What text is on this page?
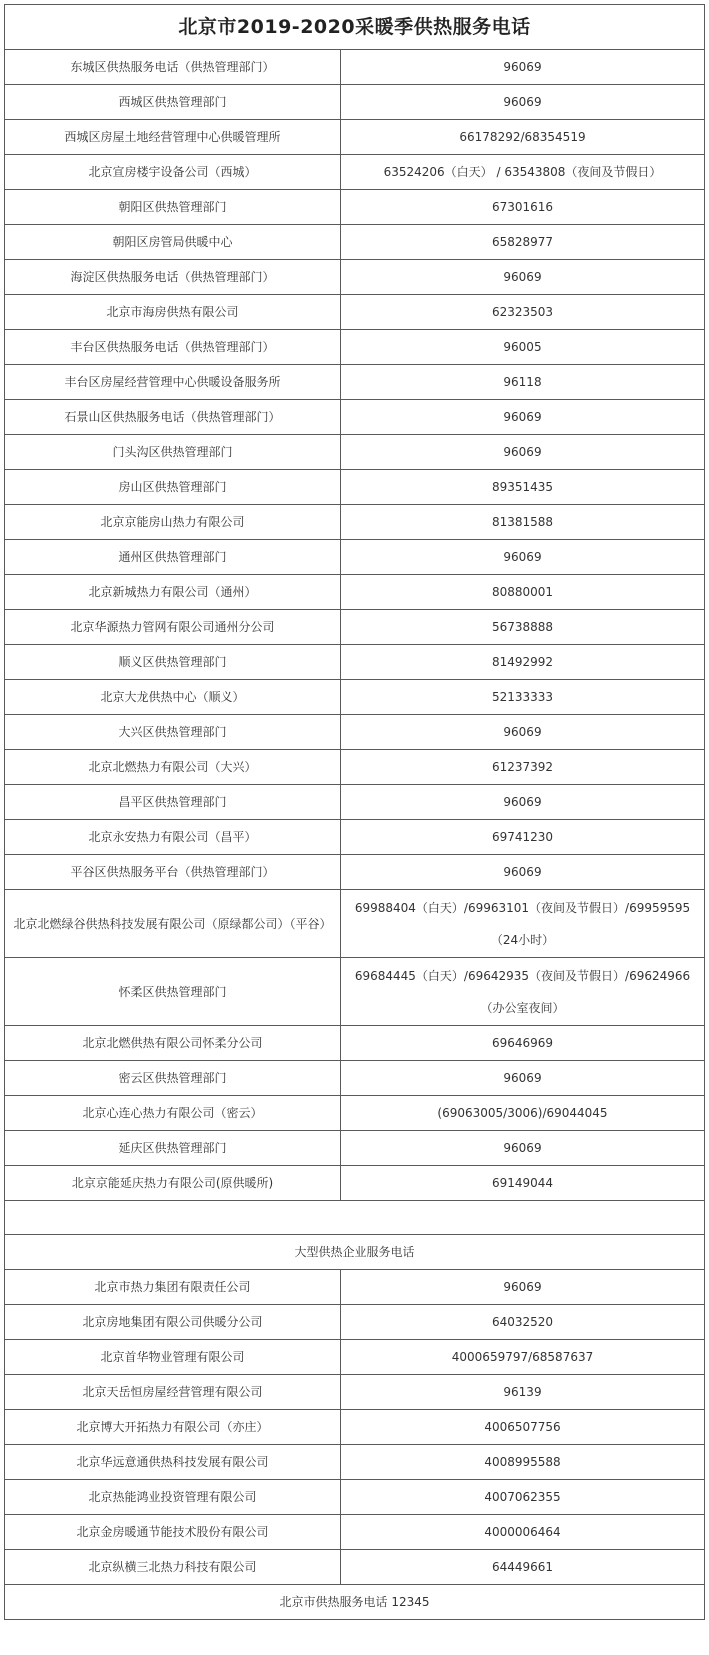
北京市2019-2020采暖季供热服务电话	
东城区供热服务电话（供热管理部门）	96069
西城区供热管理部门	96069
西城区房屋土地经营管理中心供暖管理所	66178292/68354519
北京宣房楼宇设备公司（西城）	63524206（白天） / 63543808（夜间及节假日）
朝阳区供热管理部门	67301616
朝阳区房管局供暖中心	65828977
海淀区供热服务电话（供热管理部门）	96069
北京市海房供热有限公司	62323503
丰台区供热服务电话（供热管理部门）	96005
丰台区房屋经营管理中心供暖设备服务所	96118
石景山区供热服务电话（供热管理部门）	96069
门头沟区供热管理部门	96069
房山区供热管理部门	89351435
北京京能房山热力有限公司	81381588
通州区供热管理部门	96069
北京新城热力有限公司（通州）	80880001
北京华源热力管网有限公司通州分公司	56738888
顺义区供热管理部门	81492992
北京大龙供热中心（顺义）	52133333
大兴区供热管理部门	96069
北京北燃热力有限公司（大兴）	61237392
昌平区供热管理部门	96069
北京永安热力有限公司（昌平）	69741230
平谷区供热服务平台（供热管理部门）	96069
北京北燃绿谷供热科技发展有限公司（原绿都公司）（平谷）	69988404（白天）/69963101（夜间及节假日）/69959595（24小时）
怀柔区供热管理部门	69684445（白天）/69642935（夜间及节假日）/69624966（办公室夜间）
北京北燃供热有限公司怀柔分公司	69646969
密云区供热管理部门	96069
北京心连心热力有限公司（密云）	(69063005/3006)/69044045
延庆区供热管理部门	96069
北京京能延庆热力有限公司(原供暖所)	69149044

大型供热企业服务电话	
北京市热力集团有限责任公司	96069
北京房地集团有限公司供暖分公司	64032520
北京首华物业管理有限公司	4000659797/68587637
北京天岳恒房屋经营管理有限公司	96139
北京博大开拓热力有限公司（亦庄）	4006507756
北京华远意通供热科技发展有限公司	4008995588
北京热能鸿业投资管理有限公司	4007062355
北京金房暖通节能技术股份有限公司	4000006464
北京纵横三北热力科技有限公司	64449661
北京市供热服务电话 12345	
